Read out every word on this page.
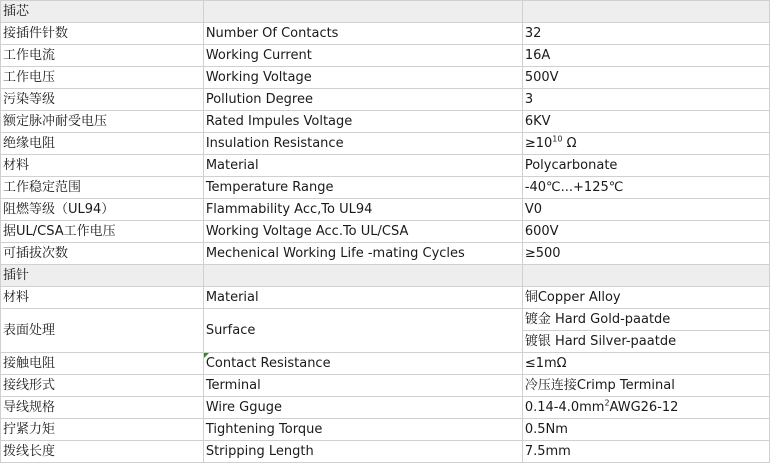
插芯		
接插件针数	Number Of Contacts	32
工作电流	Working Current	16A
工作电压	Working Voltage	500V
污染等级	Pollution Degree	3
额定脉冲耐受电压	Rated Impules Voltage	6KV
绝缘电阻	Insulation Resistance	$\ge 10^{10}$ Ω
材料	Material	Polycarbonate
工作稳定范围	Temperature Range	-40℃...+125℃
阻燃等级（UL94）	Flammability Acc,To UL94	V0
据UL/CSA工作电压	Working Voltage Acc.To UL/CSA	600V
可插拔次数	Mechenical Working Life -mating Cycles	≥500
插针		
材料	Material	铜Copper Alloy
表面处理	Surface	镀金 Hard Gold-paatde
		镀银 Hard Silver-paatde
接触电阻	Contact Resistance	≤1mΩ
接线形式	Terminal	冷压连接Crimp Terminal
导线规格	Wire Gguge	$0.14-4.0mm^2AWG26-12$
拧紧力矩	Tightening Torque	0.5Nm
拨线长度	Stripping Length	7.5mm
